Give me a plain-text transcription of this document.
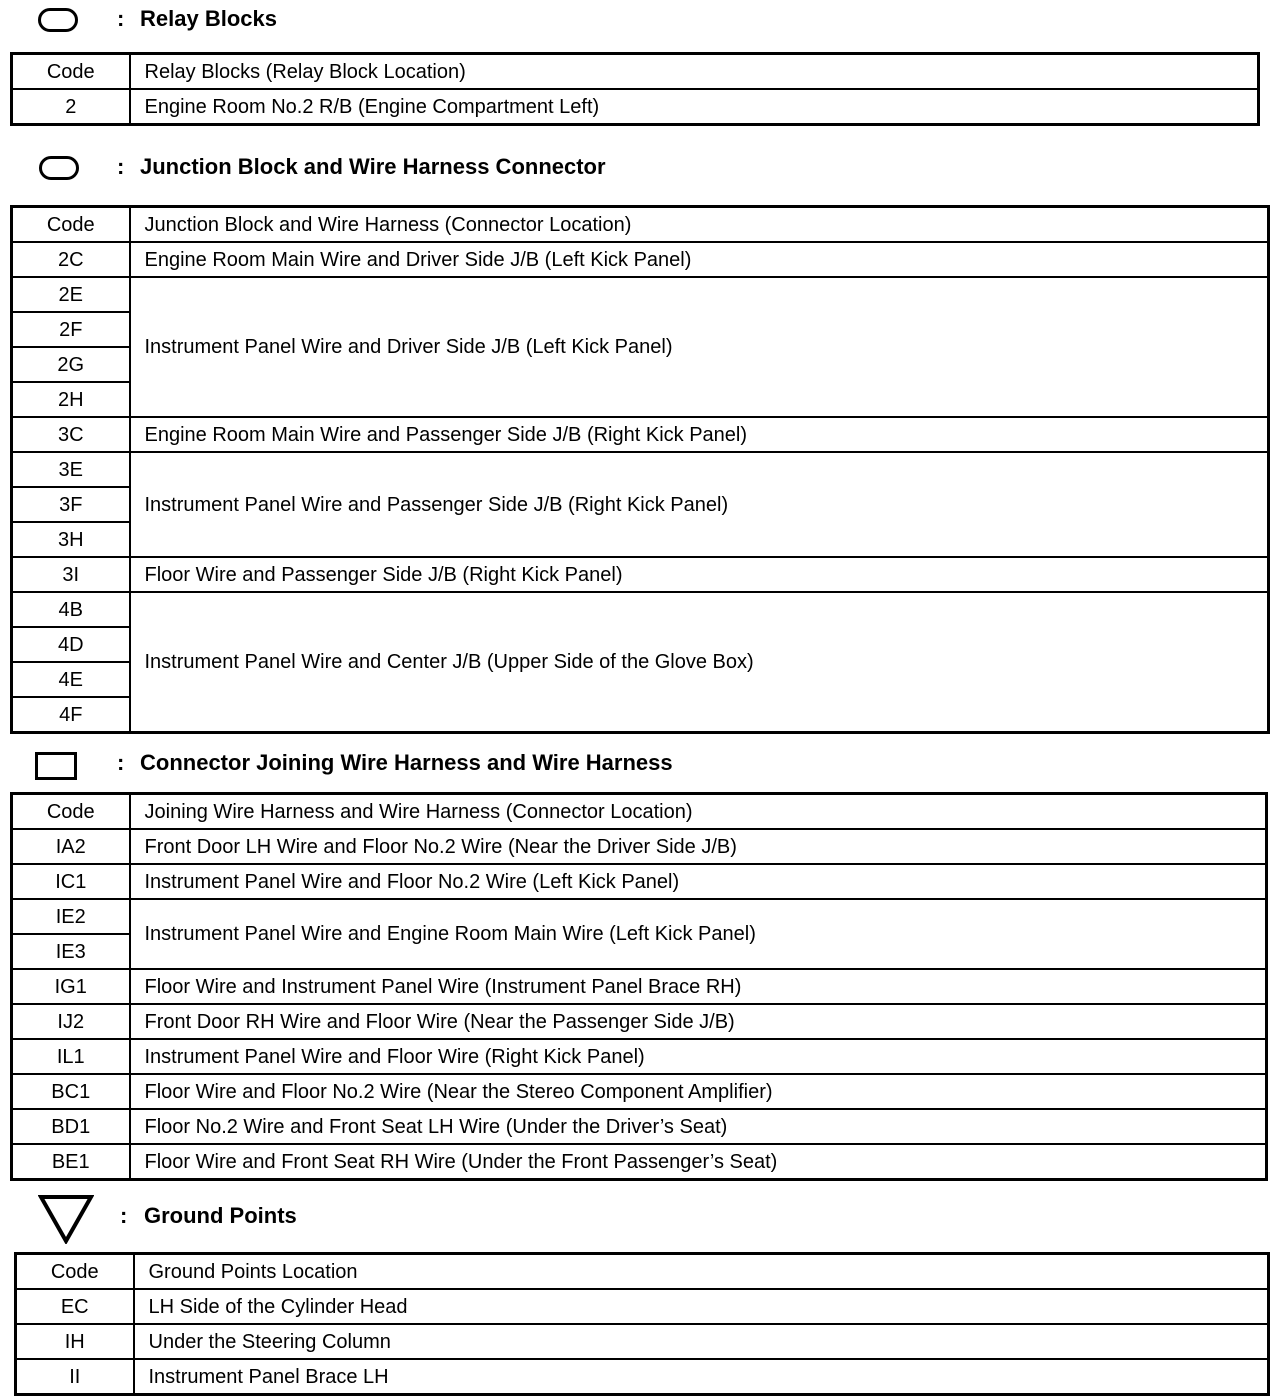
: Relay Blocks
Code	Relay Blocks (Relay Block Location)
2	Engine Room No.2 R/B (Engine Compartment Left)
: Junction Block and Wire Harness Connector
Code	Junction Block and Wire Harness (Connector Location)
2C	Engine Room Main Wire and Driver Side J/B (Left Kick Panel)
2E	Instrument Panel Wire and Driver Side J/B (Left Kick Panel)
2F	
2G	
2H	
3C	Engine Room Main Wire and Passenger Side J/B (Right Kick Panel)
3E	Instrument Panel Wire and Passenger Side J/B (Right Kick Panel)
3F	
3H	
3I	Floor Wire and Passenger Side J/B (Right Kick Panel)
4B	Instrument Panel Wire and Center J/B (Upper Side of the Glove Box)
4D	
4E	
4F	
: Connector Joining Wire Harness and Wire Harness
Code	Joining Wire Harness and Wire Harness (Connector Location)
IA2	Front Door LH Wire and Floor No.2 Wire (Near the Driver Side J/B)
IC1	Instrument Panel Wire and Floor No.2 Wire (Left Kick Panel)
IE2	Instrument Panel Wire and Engine Room Main Wire (Left Kick Panel)
IE3	
IG1	Floor Wire and Instrument Panel Wire (Instrument Panel Brace RH)
IJ2	Front Door RH Wire and Floor Wire (Near the Passenger Side J/B)
IL1	Instrument Panel Wire and Floor Wire (Right Kick Panel)
BC1	Floor Wire and Floor No.2 Wire (Near the Stereo Component Amplifier)
BD1	Floor No.2 Wire and Front Seat LH Wire (Under the Driver’s Seat)
BE1	Floor Wire and Front Seat RH Wire (Under the Front Passenger’s Seat)
: Ground Points
Code	Ground Points Location
EC	LH Side of the Cylinder Head
IH	Under the Steering Column
II	Instrument Panel Brace LH
